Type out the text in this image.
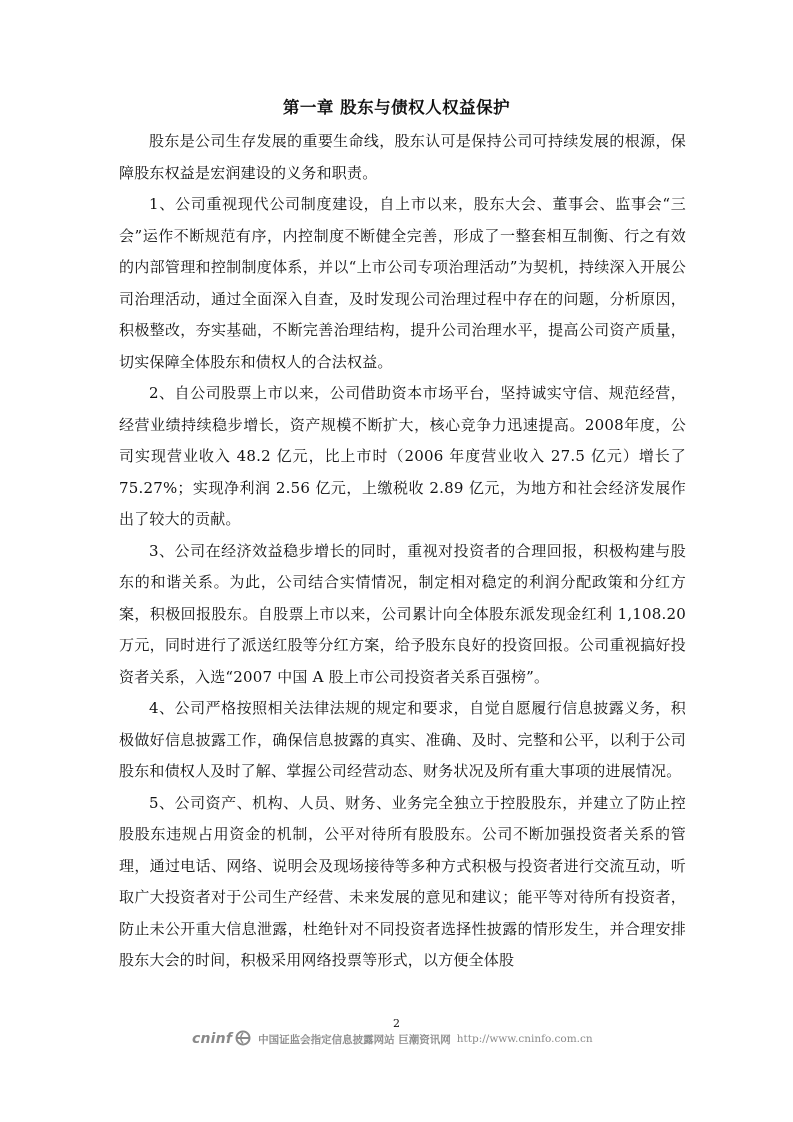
第一章 股东与债权人权益保护

股东是公司生存发展的重要生命线，股东认可是保持公司可持续发展的根源，保障股东权益是宏润建设的义务和职责。

1、公司重视现代公司制度建设，自上市以来，股东大会、董事会、监事会“三会”运作不断规范有序，内控制度不断健全完善，形成了一整套相互制衡、行之有效的内部管理和控制制度体系，并以“上市公司专项治理活动”为契机，持续深入开展公司治理活动，通过全面深入自查，及时发现公司治理过程中存在的问题，分析原因，积极整改，夯实基础，不断完善治理结构，提升公司治理水平，提高公司资产质量，切实保障全体股东和债权人的合法权益。

2、自公司股票上市以来，公司借助资本市场平台，坚持诚实守信、规范经营，经营业绩持续稳步增长，资产规模不断扩大，核心竞争力迅速提高。2008年度，公司实现营业收入 48.2 亿元，比上市时（2006 年度营业收入 27.5 亿元）增长了 75.27%；实现净利润 2.56 亿元，上缴税收 2.89 亿元，为地方和社会经济发展作出了较大的贡献。

3、公司在经济效益稳步增长的同时，重视对投资者的合理回报，积极构建与股东的和谐关系。为此，公司结合实情情况，制定相对稳定的利润分配政策和分红方案，积极回报股东。自股票上市以来，公司累计向全体股东派发现金红利 1,108.20 万元，同时进行了派送红股等分红方案，给予股东良好的投资回报。公司重视搞好投资者关系，入选“2007 中国 A 股上市公司投资者关系百强榜”。

4、公司严格按照相关法律法规的规定和要求，自觉自愿履行信息披露义务，积极做好信息披露工作，确保信息披露的真实、准确、及时、完整和公平，以利于公司股东和债权人及时了解、掌握公司经营动态、财务状况及所有重大事项的进展情况。

5、公司资产、机构、人员、财务、业务完全独立于控股股东，并建立了防止控股股东违规占用资金的机制，公平对待所有股股东。公司不断加强投资者关系的管理，通过电话、网络、说明会及现场接待等多种方式积极与投资者进行交流互动，听取广大投资者对于公司生产经营、未来发展的意见和建议；能平等对待所有投资者，防止未公开重大信息泄露，杜绝针对不同投资者选择性披露的情形发生，并合理安排股东大会的时间，积极采用网络投票等形式，以方便全体股

2
cninf 中国证监会指定信息披露网站 巨潮资讯网 http://www.cninfo.com.cn
